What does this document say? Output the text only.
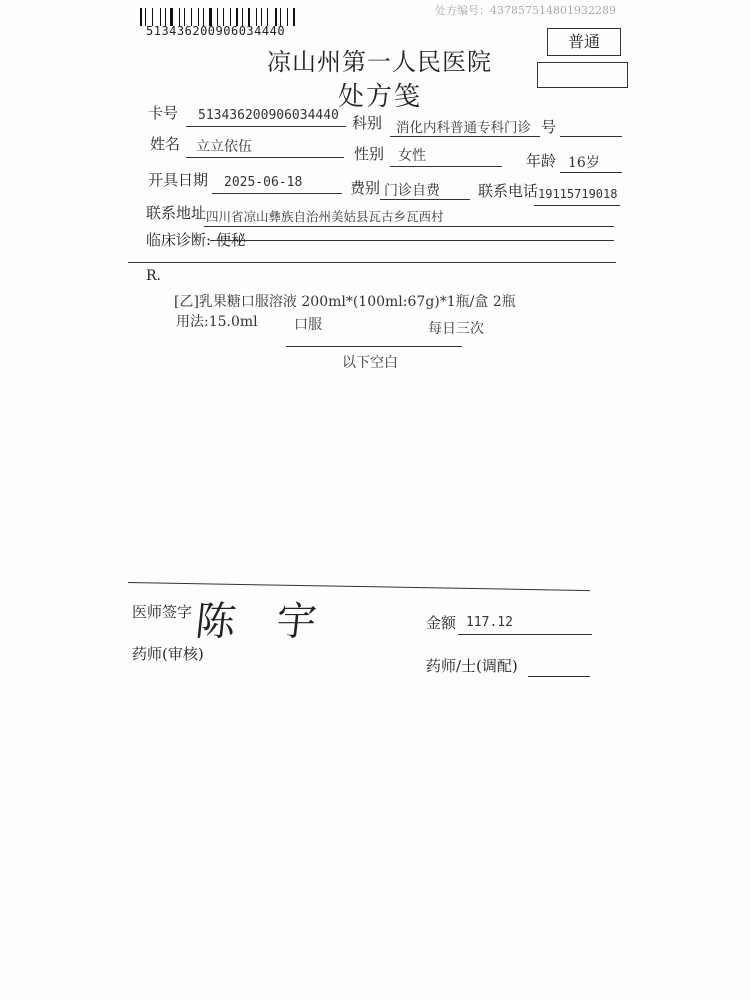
513436200906034440
处方编号：437857514801932289
凉山州第一人民医院
处方笺
普通
卡号 513436200906034440 科别 消化内科普通专科门诊 号
姓名 立立依伍	性别 女性	年龄 16岁
开具日期 2025-06-18	费别 门诊自费	联系电话 19115719018
联系地址 四川省凉山彝族自治州美姑县瓦古乡瓦西村
临床诊断: 便秘
R.
[乙]乳果糖口服溶液 200ml*(100ml:67g)*1瓶/盒 2瓶
用法:15.0ml	口服	每日三次
以下空白
医师签字 陈 宇	金额 117.12
药师(审核)
药师/士(调配)
